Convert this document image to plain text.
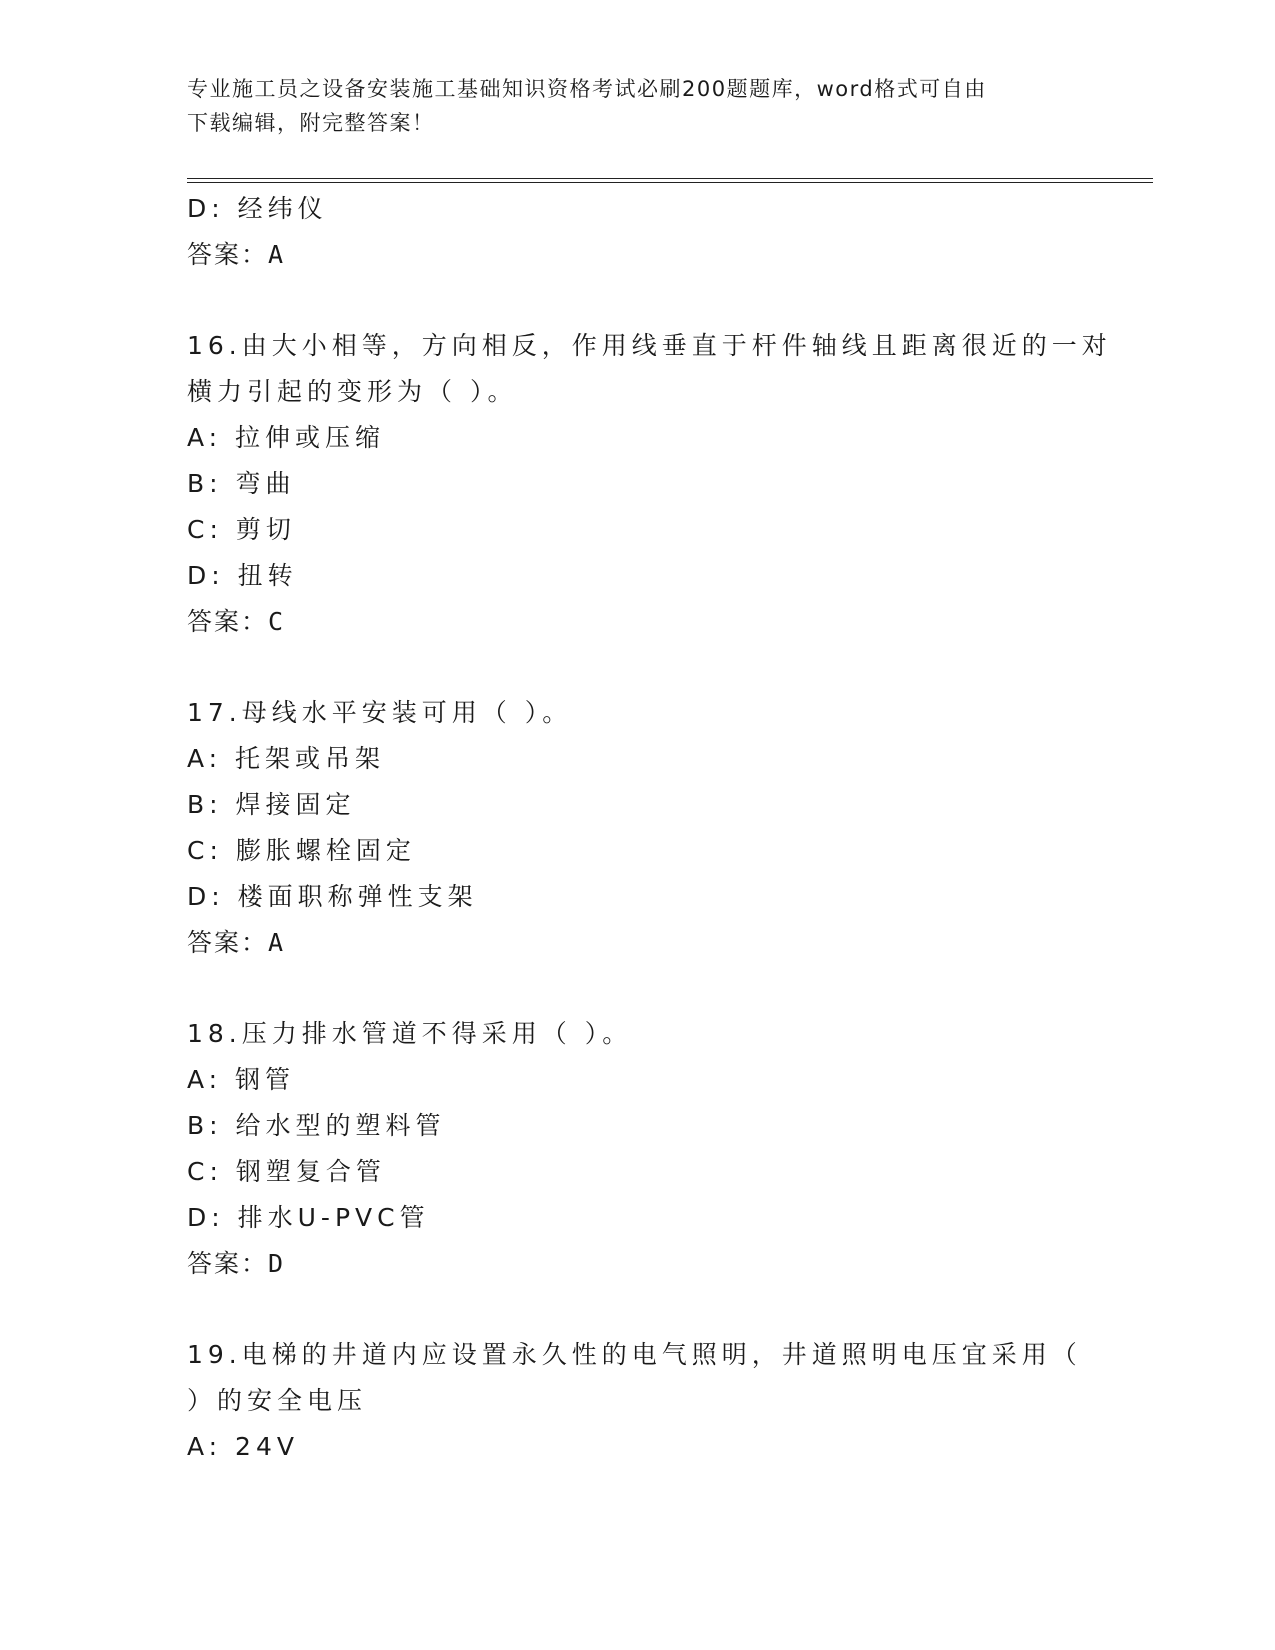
专业施工员之设备安装施工基础知识资格考试必刷200题题库，word格式可自由
下载编辑，附完整答案！
D: 经纬仪
答案：A
16.由大小相等，方向相反，作用线垂直于杆件轴线且距离很近的一对
横力引起的变形为（ ）。
A: 拉伸或压缩
B: 弯曲
C: 剪切
D: 扭转
答案：C
17.母线水平安装可用（ ）。
A: 托架或吊架
B: 焊接固定
C: 膨胀螺栓固定
D: 楼面职称弹性支架
答案：A
18.压力排水管道不得采用（ ）。
A: 钢管
B: 给水型的塑料管
C: 钢塑复合管
D: 排水U-PVC管
答案：D
19.电梯的井道内应设置永久性的电气照明，井道照明电压宜采用（
）的安全电压
A: 24V
